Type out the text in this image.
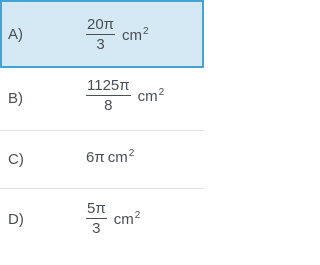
A)	$\frac{20\pi}{3} cm^2$
B)	$\frac{1125\pi}{8} cm^2$
C)	6π $cm^2$
D)	$\frac{5\pi}{3} cm^2$
